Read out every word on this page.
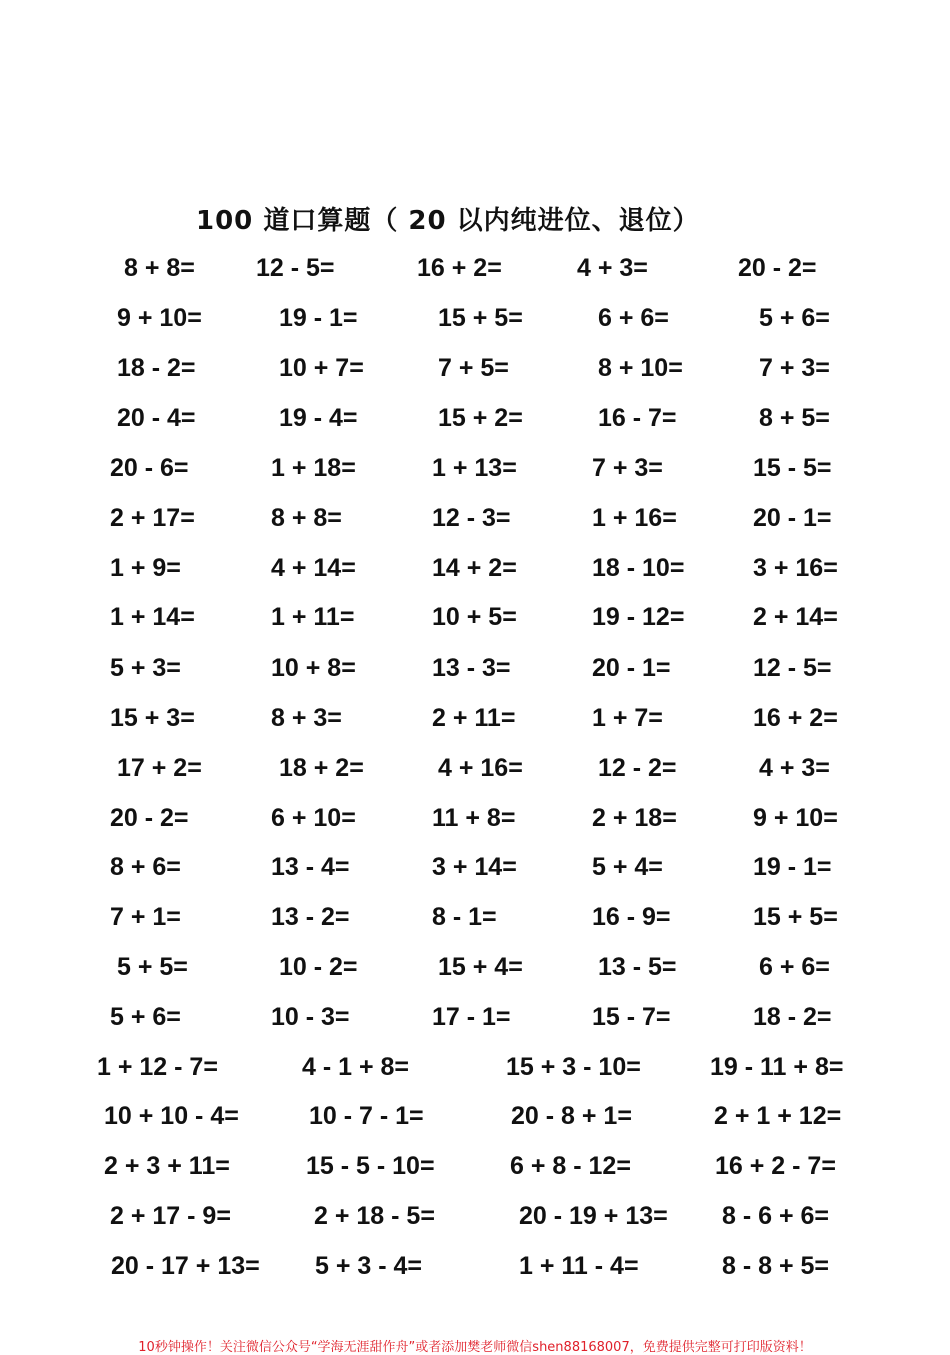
100 道口算题（ 20 以内纯进位、退位）
8 + 8= 12 - 5=	16 + 2=	4 + 3=	20 - 2=
9 + 10=	19 - 1=	15 + 5=	6 + 6=	5 + 6=
18 - 2=	10 + 7=	7 + 5=	8 + 10=	7 + 3=
20 - 4=	19 - 4=	15 + 2=	16 - 7=	8 + 5=
20 - 6=	1 + 18=	1 + 13=	7 + 3=	15 - 5=
2 + 17=	8 + 8=	12 - 3=	1 + 16=	20 - 1=
1 + 9=	4 + 14=	14 + 2=	18 - 10=	3 + 16=
1 + 14=	1 + 11=	10 + 5=	19 - 12=	2 + 14=
5 + 3=	10 + 8=	13 - 3=	20 - 1=	12 - 5=
15 + 3=	8 + 3=	2 + 11=	1 + 7=	16 + 2=
17 + 2=	18 + 2=	4 + 16=	12 - 2=	4 + 3=
20 - 2=	6 + 10=	11 + 8=	2 + 18=	9 + 10=
8 + 6=	13 - 4=	3 + 14=	5 + 4=	19 - 1=
7 + 1=	13 - 2=	8 - 1=	16 - 9=	15 + 5=
5 + 5=	10 - 2=	15 + 4=	13 - 5=	6 + 6=
5 + 6=	10 - 3=	17 - 1=	15 - 7=	18 - 2=
1 + 12 - 7=	4 - 1 + 8=	15 + 3 - 10=	19 - 11 + 8=
10 + 10 - 4=	10 - 7 - 1=	20 - 8 + 1=	2 + 1 + 12=
2 + 3 + 11=	15 - 5 - 10=	6 + 8 - 12=	16 + 2 - 7=
2 + 17 - 9=	2 + 18 - 5=	20 - 19 + 13= 8 - 6 + 6=
20 - 17 + 13= 5 + 3 - 4=	1 + 11 - 4=	8 - 8 + 5=
10秒钟操作！关注微信公众号“学海无涯甜作舟”或者添加樊老师微信shen88168007，免费提供完整可打印版资料！
